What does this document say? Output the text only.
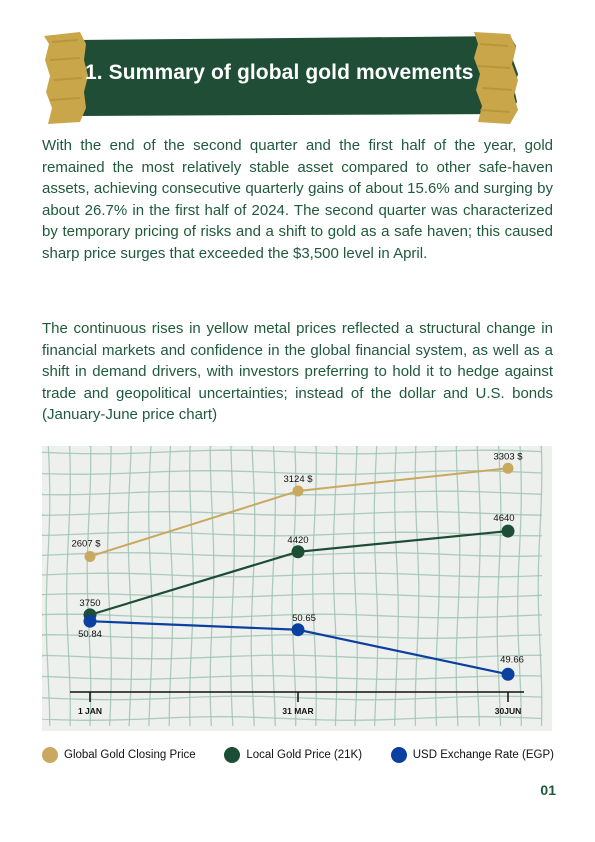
1. Summary of global gold movements

With the end of the second quarter and the first half of the year, gold remained the most relatively stable asset compared to other safe-haven assets, achieving consecutive quarterly gains of about 15.6% and surging by about 26.7% in the first half of 2024. The second quarter was characterized by temporary pricing of risks and a shift to gold as a safe haven; this caused sharp price surges that exceeded the $3,500 level in April.

The continuous rises in yellow metal prices reflected a structural change in financial markets and confidence in the global financial system, as well as a shift in demand drivers, with investors preferring to hold it to hedge against trade and geopolitical uncertainties; instead of the dollar and U.S. bonds (January-June price chart)

1 JAN	31 MAR	30JUN
2607 $
3124 $
3303 $
3750
4420
4640
50.84
50.65
49.66
Global Gold Closing Price	Local Gold Price (21K)	USD Exchange Rate (EGP)
01
